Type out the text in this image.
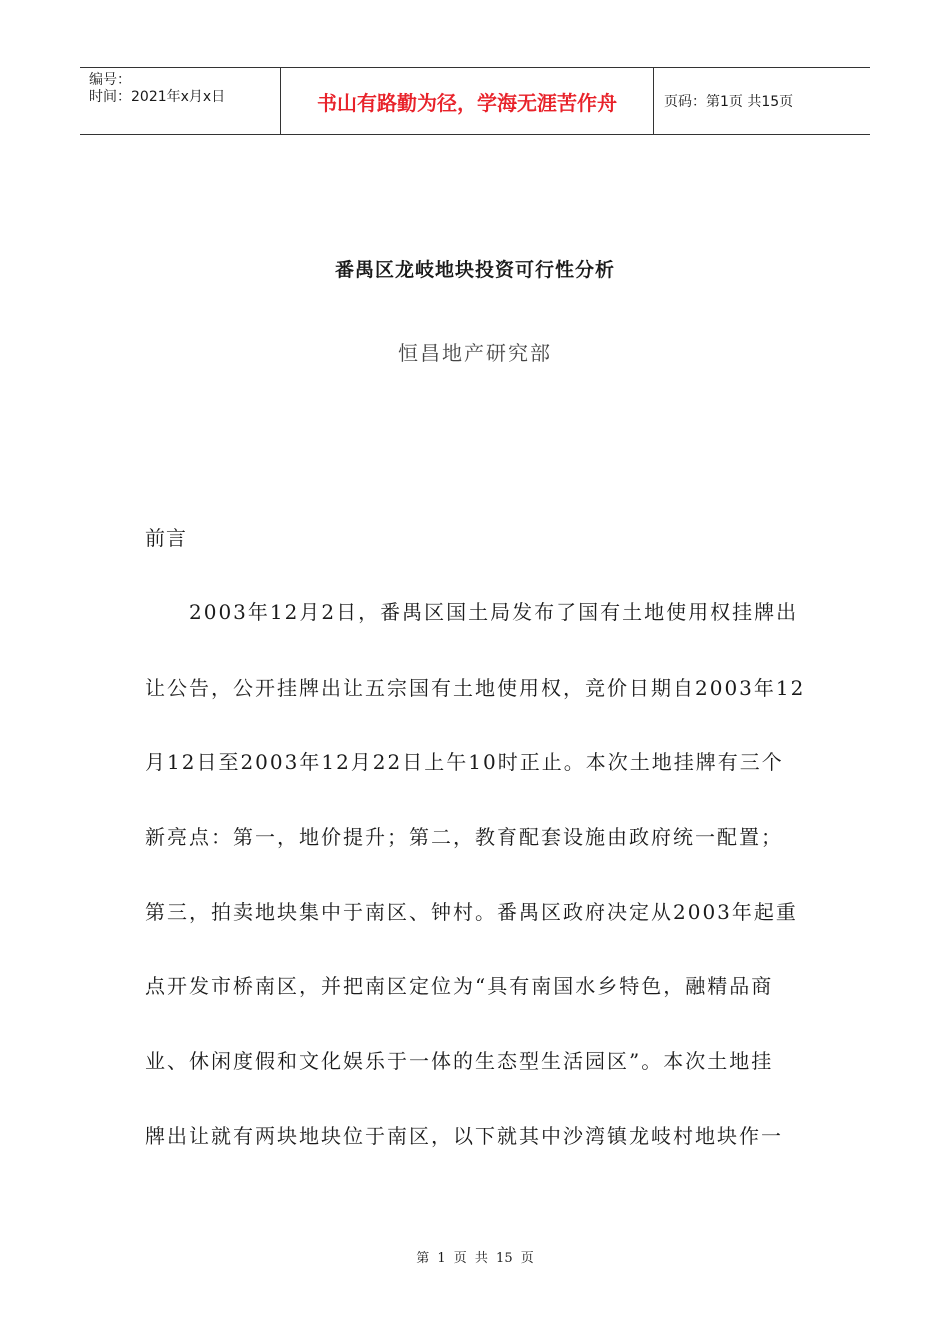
编号：
时间：2021年x月x日	书山有路勤为径，学海无涯苦作舟	页码：第1页 共15页
番禺区龙岐地块投资可行性分析
恒昌地产研究部
前言
　　2003年12月2日，番禺区国土局发布了国有土地使用权挂牌出
让公告，公开挂牌出让五宗国有土地使用权，竞价日期自2003年12
月12日至2003年12月22日上午10时正止。本次土地挂牌有三个
新亮点：第一，地价提升；第二，教育配套设施由政府统一配置；
第三，拍卖地块集中于南区、钟村。番禺区政府决定从2003年起重
点开发市桥南区，并把南区定位为“具有南国水乡特色，融精品商
业、休闲度假和文化娱乐于一体的生态型生活园区”。本次土地挂
牌出让就有两块地块位于南区，以下就其中沙湾镇龙岐村地块作一
第 1 页 共 15 页
